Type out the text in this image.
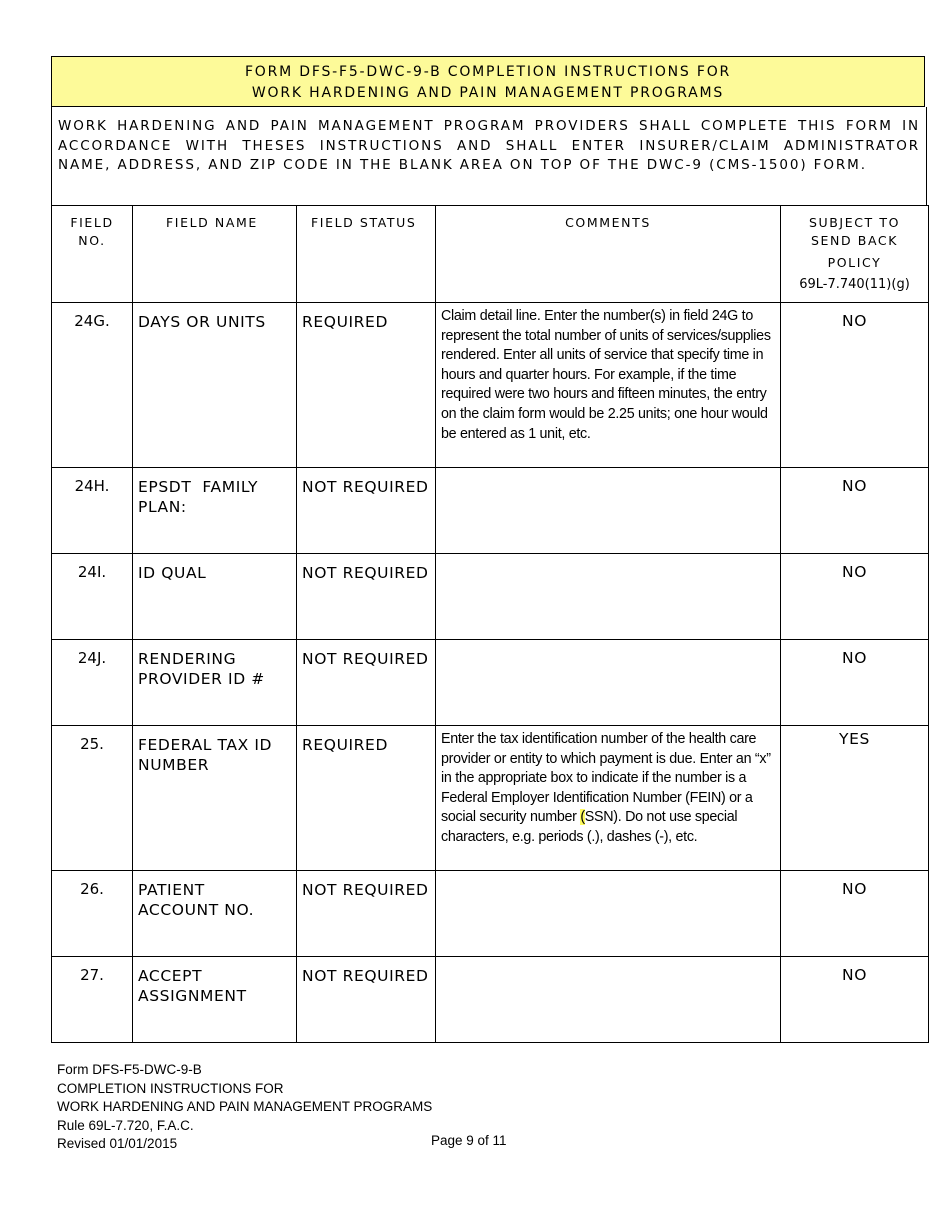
FORM DFS-F5-DWC-9-B COMPLETION INSTRUCTIONS FOR
WORK HARDENING AND PAIN MANAGEMENT PROGRAMS
WORK HARDENING AND PAIN MANAGEMENT PROGRAM PROVIDERS SHALL COMPLETE THIS FORM IN ACCORDANCE WITH THESES INSTRUCTIONS AND SHALL ENTER INSURER/CLAIM ADMINISTRATOR NAME, ADDRESS, AND ZIP CODE IN THE BLANK AREA ON TOP OF THE DWC-9 (CMS-1500) FORM.
FIELD
NO.	FIELD NAME	FIELD STATUS	COMMENTS	SUBJECT TO
SEND BACK
POLICY
69L-7.740(11)(g)

24G.	DAYS OR UNITS	REQUIRED	Claim detail line. Enter the number(s) in field 24G to represent the total number of units of services/supplies rendered. Enter all units of service that specify time in hours and quarter hours. For example, if the time required were two hours and fifteen minutes, the entry on the claim form would be 2.25 units; one hour would be entered as 1 unit, etc.	NO

24H.	EPSDT  FAMILY PLAN:	NOT REQUIRED		NO

24I.	ID QUAL	NOT REQUIRED		NO

24J.	RENDERING PROVIDER ID #	NOT REQUIRED		NO

25.	FEDERAL TAX ID NUMBER	REQUIRED	Enter the tax identification number of the health care provider or entity to which payment is due. Enter an “x” in the appropriate box to indicate if the number is a Federal Employer Identification Number (FEIN) or a social security number (SSN). Do not use special characters, e.g. periods (.), dashes (-), etc.	YES

26.	PATIENT ACCOUNT NO.	NOT REQUIRED		NO

27.	ACCEPT ASSIGNMENT	NOT REQUIRED		NO
Form DFS-F5-DWC-9-B
COMPLETION INSTRUCTIONS FOR
WORK HARDENING AND PAIN MANAGEMENT PROGRAMS
Rule 69L-7.720, F.A.C.
Revised 01/01/2015	Page 9 of 11
